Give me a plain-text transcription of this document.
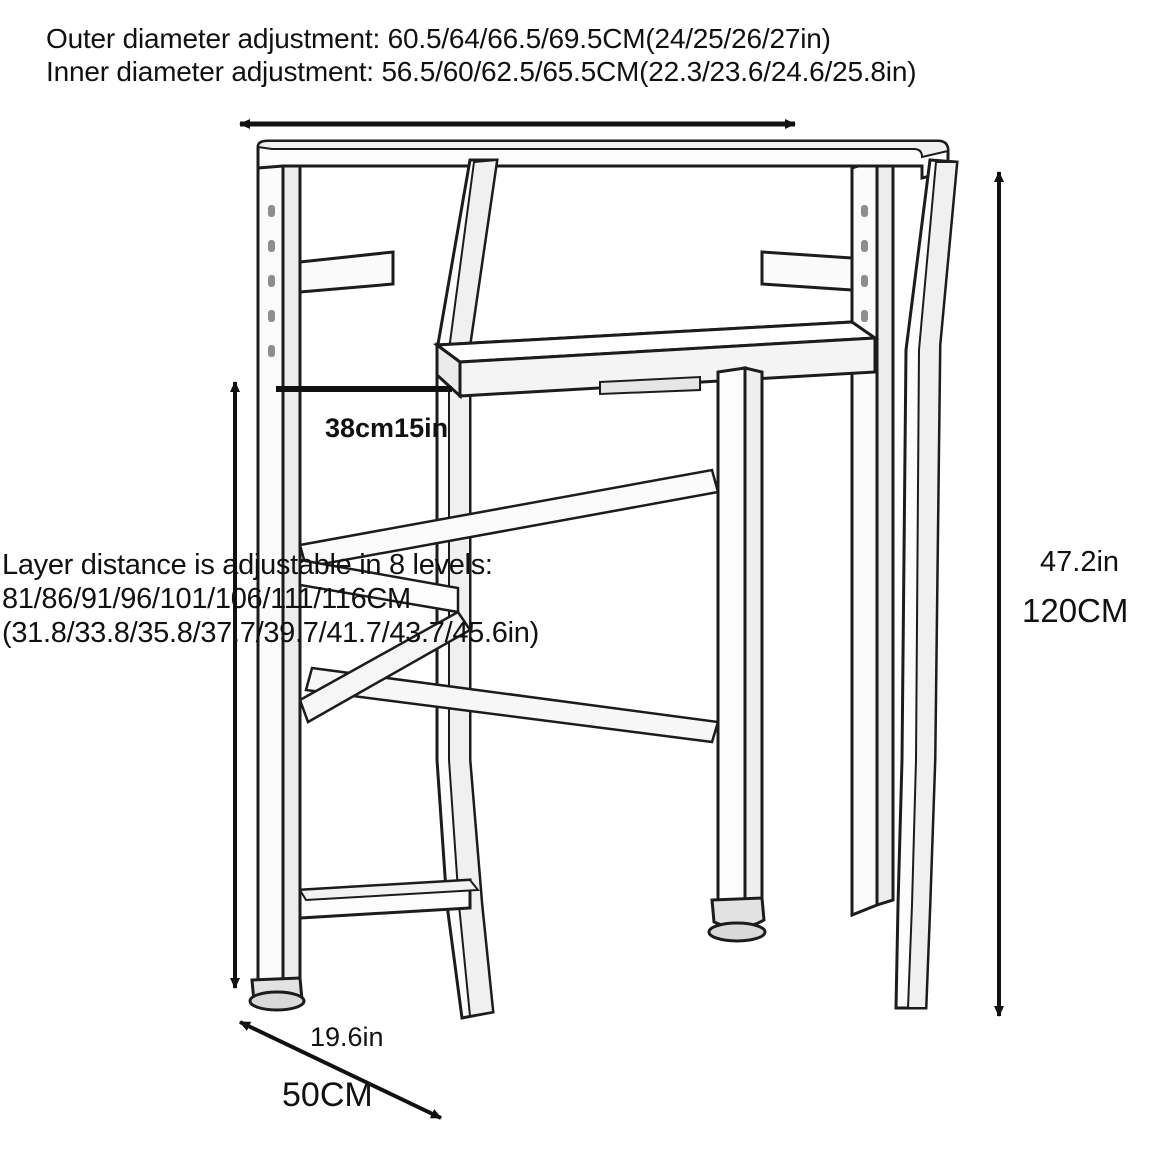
Outer diameter adjustment: 60.5/64/66.5/69.5CM(24/25/26/27in)
Inner diameter adjustment: 56.5/60/62.5/65.5CM(22.3/23.6/24.6/25.8in)
Layer distance is adjustable in 8 levels:
81/86/91/96/101/106/111/116CM
(31.8/33.8/35.8/37.7/39.7/41.7/43.7/45.6in)
38cm15in
47.2in
120CM
19.6in
50CM
